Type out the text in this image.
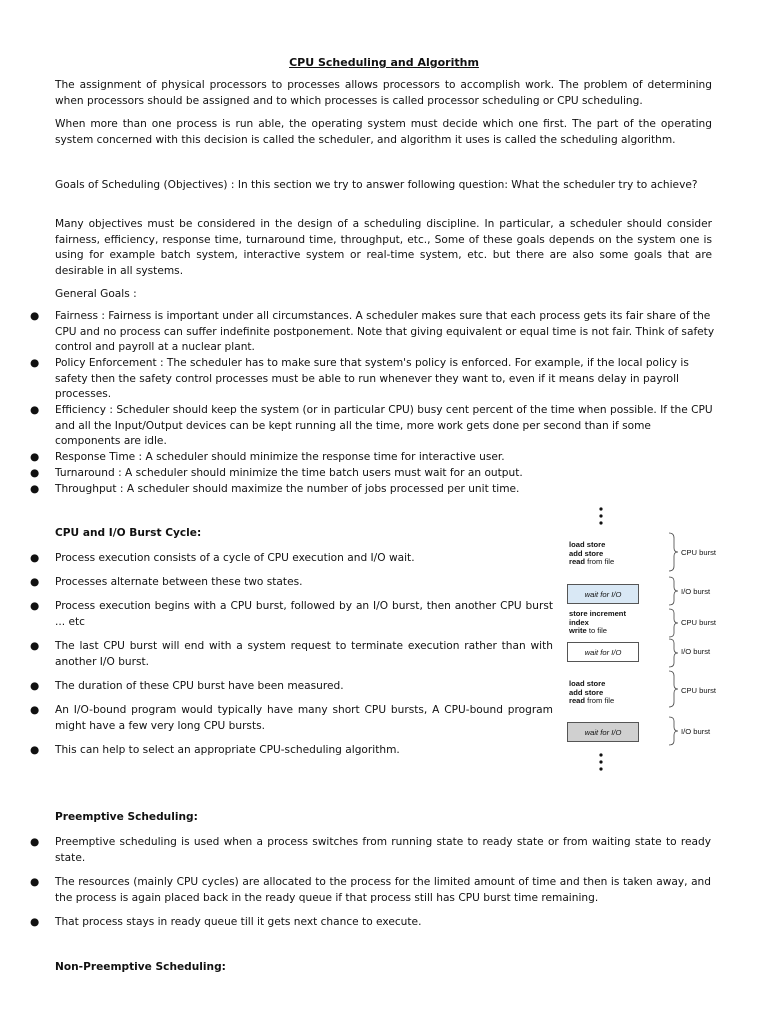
CPU Scheduling and Algorithm
The assignment of physical processors to processes allows processors to accomplish work. The problem of determining when processors should be assigned and to which processes is called processor scheduling or CPU scheduling.
When more than one process is run able, the operating system must decide which one first. The part of the operating system concerned with this decision is called the scheduler, and algorithm it uses is called the scheduling algorithm.
Goals of Scheduling (Objectives) : In this section we try to answer following question: What the scheduler try to achieve?
Many objectives must be considered in the design of a scheduling discipline. In particular, a scheduler should consider fairness, efficiency, response time, turnaround time, throughput, etc., Some of these goals depends on the system one is using for example batch system, interactive system or real-time system, etc. but there are also some goals that are desirable in all systems.
General Goals :
● Fairness : Fairness is important under all circumstances. A scheduler makes sure that each process gets its fair share of the CPU and no process can suffer indefinite postponement. Note that giving equivalent or equal time is not fair. Think of safety control and payroll at a nuclear plant.
● Policy Enforcement : The scheduler has to make sure that system's policy is enforced. For example, if the local policy is safety then the safety control processes must be able to run whenever they want to, even if it means delay in payroll processes.
● Efficiency : Scheduler should keep the system (or in particular CPU) busy cent percent of the time when possible. If the CPU and all the Input/Output devices can be kept running all the time, more work gets done per second than if some components are idle.
● Response Time : A scheduler should minimize the response time for interactive user.
● Turnaround : A scheduler should minimize the time batch users must wait for an output.
● Throughput : A scheduler should maximize the number of jobs processed per unit time.
CPU and I/O Burst Cycle:
● Process execution consists of a cycle of CPU execution and I/O wait.
● Processes alternate between these two states.
● Process execution begins with a CPU burst, followed by an I/O burst, then another CPU burst ... etc
● The last CPU burst will end with a system request to terminate execution rather than with another I/O burst.
● The duration of these CPU burst have been measured.
● An I/O-bound program would typically have many short CPU bursts, A CPU-bound program might have a few very long CPU bursts.
● This can help to select an appropriate CPU-scheduling algorithm.
load store
add store
read from file
wait for I/O
store increment
index
write to file
wait for I/O
load store
add store
read from file
wait for I/O
CPU burst
I/O burst
CPU burst
I/O burst
CPU burst
I/O burst
Preemptive Scheduling:
● Preemptive scheduling is used when a process switches from running state to ready state or from waiting state to ready state.
● The resources (mainly CPU cycles) are allocated to the process for the limited amount of time and then is taken away, and the process is again placed back in the ready queue if that process still has CPU burst time remaining.
● That process stays in ready queue till it gets next chance to execute.
Non-Preemptive Scheduling:
